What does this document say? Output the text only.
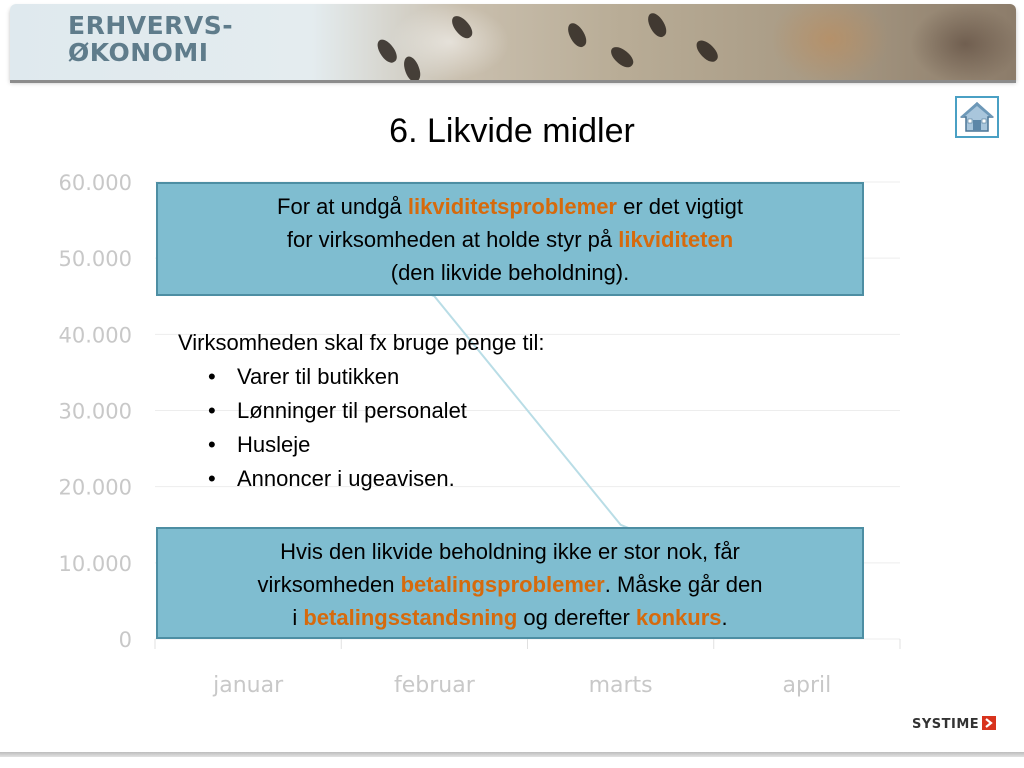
ERHVERVS-
ØKONOMI
60.000
50.000
40.000
30.000
20.000
10.000
0
januar	februar	marts	april
6. Likvide midler
For at undgå likviditetsproblemer er det vigtigt
for virksomheden at holde styr på likviditeten
(den likvide beholdning).
Virksomheden skal fx bruge penge til:
• Varer til butikken
• Lønninger til personalet
• Husleje
• Annoncer i ugeavisen.
Hvis den likvide beholdning ikke er stor nok, får
virksomheden betalingsproblemer. Måske går den
i betalingsstandsning og derefter konkurs.
SYSTIME
